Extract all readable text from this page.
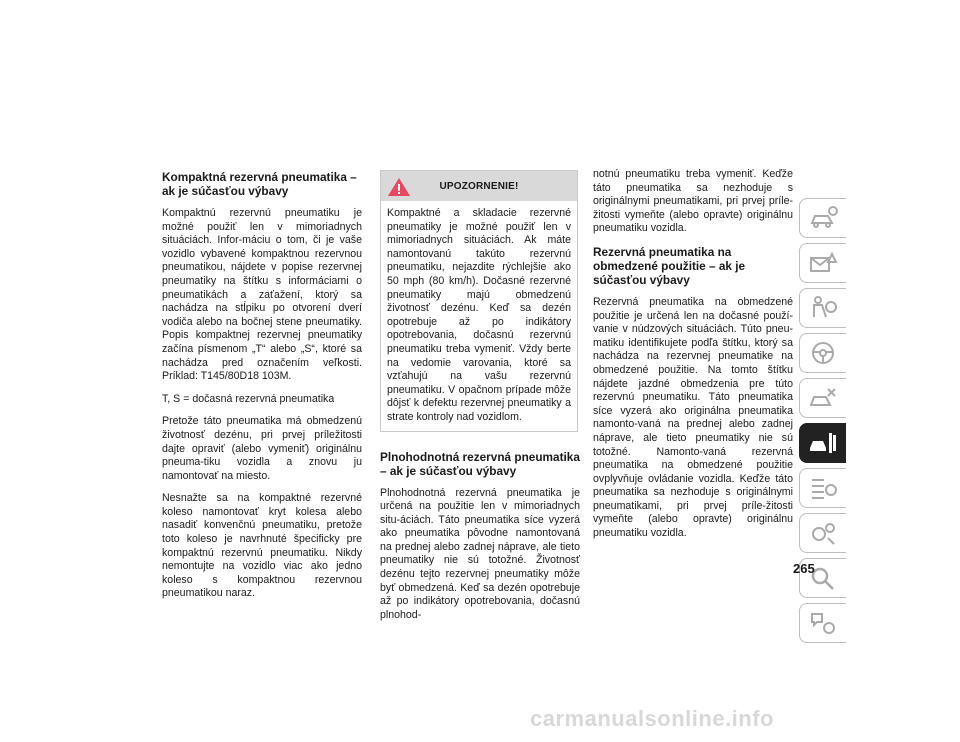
Kompaktná rezervná pneumatika – ak je súčasťou výbavy

Kompaktnú rezervnú pneumatiku je možné použiť len v mimoriadnych situáciách. Infor-máciu o tom, či je vaše vozidlo vybavené kompaktnou rezervnou pneumatikou, nájdete v popise rezervnej pneumatiky na štítku s informáciami o pneumatikách a zaťažení, ktorý sa nachádza na stĺpiku po otvorení dverí vodiča alebo na bočnej stene pneumatiky. Popis kompaktnej rezervnej pneumatiky začína písmenom „T“ alebo „S“, ktoré sa nachádza pred označením veľkosti. Príklad: T145/80D18 103M.

T, S = dočasná rezervná pneumatika

Pretože táto pneumatika má obmedzenú životnosť dezénu, pri prvej príležitosti dajte opraviť (alebo vymeniť) originálnu pneuma-tiku vozidla a znovu ju namontovať na miesto.

Nesnažte sa na kompaktné rezervné koleso namontovať kryt kolesa alebo nasadiť konvenčnú pneumatiku, pretože toto koleso je navrhnuté špecificky pre kompaktnú rezervnú pneumatiku. Nikdy nemontujte na vozidlo viac ako jedno koleso s kompaktnou rezervnou pneumatikou naraz.

UPOZORNENIE!
Kompaktné a skladacie rezervné pneumatiky je možné použiť len v mimoriadnych situáciách. Ak máte namontovanú takúto rezervnú pneumatiku, nejazdite rýchlejšie ako 50 mph (80 km/h). Dočasné rezervné pneumatiky majú obmedzenú životnosť dezénu. Keď sa dezén opotrebuje až po indikátory opotrebovania, dočasnú rezervnú pneumatiku treba vymeniť. Vždy berte na vedomie varovania, ktoré sa vzťahujú na vašu rezervnú pneumatiku. V opačnom prípade môže dôjsť k defektu rezervnej pneumatiky a strate kontroly nad vozidlom.
Plnohodnotná rezervná pneumatika – ak je súčasťou výbavy

Plnohodnotná rezervná pneumatika je určená na použitie len v mimoriadnych situ-áciách. Táto pneumatika síce vyzerá ako pneumatika pôvodne namontovaná na prednej alebo zadnej náprave, ale tieto pneumatiky nie sú totožné. Životnosť dezénu tejto rezervnej pneumatiky môže byť obmedzená. Keď sa dezén opotrebuje až po indikátory opotrebovania, dočasnú plnohod-

notnú pneumatiku treba vymeniť. Keďže táto pneumatika sa nezhoduje s originálnymi pneumatikami, pri prvej príle-žitosti vymeňte (alebo opravte) originálnu pneumatiku vozidla.

Rezervná pneumatika na obmedzené použitie – ak je súčasťou výbavy

Rezervná pneumatika na obmedzené použitie je určená len na dočasné použí-vanie v núdzových situáciách. Túto pneu-matiku identifikujete podľa štítku, ktorý sa nachádza na rezervnej pneumatike na obmedzené použitie. Na tomto štítku nájdete jazdné obmedzenia pre túto rezervnú pneumatiku. Táto pneumatika síce vyzerá ako originálna pneumatika namonto-vaná na prednej alebo zadnej náprave, ale tieto pneumatiky nie sú totožné. Namonto-vaná rezervná pneumatika na obmedzené použitie ovplyvňuje ovládanie vozidla. Keďže táto pneumatika sa nezhoduje s originálnymi pneumatikami, pri prvej príle-žitosti vymeňte (alebo opravte) originálnu pneumatiku vozidla.

265
carmanualsonline.info
